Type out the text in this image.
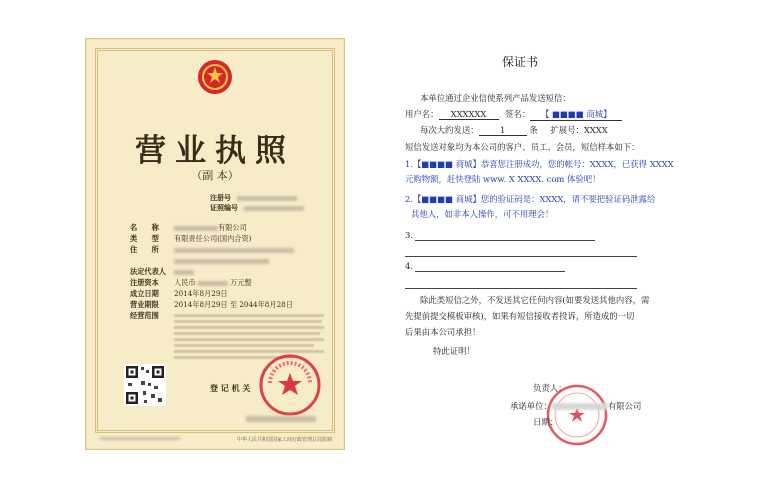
营业执照
（副 本）
注册号
证照编号
名　　称	有限公司
类　　型 有限责任公司(国内合资)
住　　所
法定代表人
注册资本 人民币	万元整
成立日期 2014年8月29日
营业期限 2014年8月29日 至 2044年8月28日
经营范围
登 记 机 关
中华人民共和国国家工商行政管理总局监制
保证书
本单位通过企业信使系列产品发送短信：
用户名： XXXXXX 签名： 【 ■■■■ 商城】
每次大约发送：	1	条 扩展号：XXXX
短信发送对象均为本公司的客户、员工、会员，短信样本如下：
1.【■■■■ 商城】恭喜您注册成功，您的帐号：XXXX，已获得 XXXX
元购物额，赶快登陆 www. X XXXX. com 体验吧！
2.【■■■■ 商城】您的验证码是：XXXX，请不要把验证码泄露给
其他人，如非本人操作，可不用理会！
3.
4.
除此类短信之外，不发送其它任何内容(如要发送其他内容，需
先提前提交模板审核)，如果有短信接收者投诉，所造成的一切
后果由本公司承担！
特此证明！
负责人：
承诺单位：	有限公司
日期：
